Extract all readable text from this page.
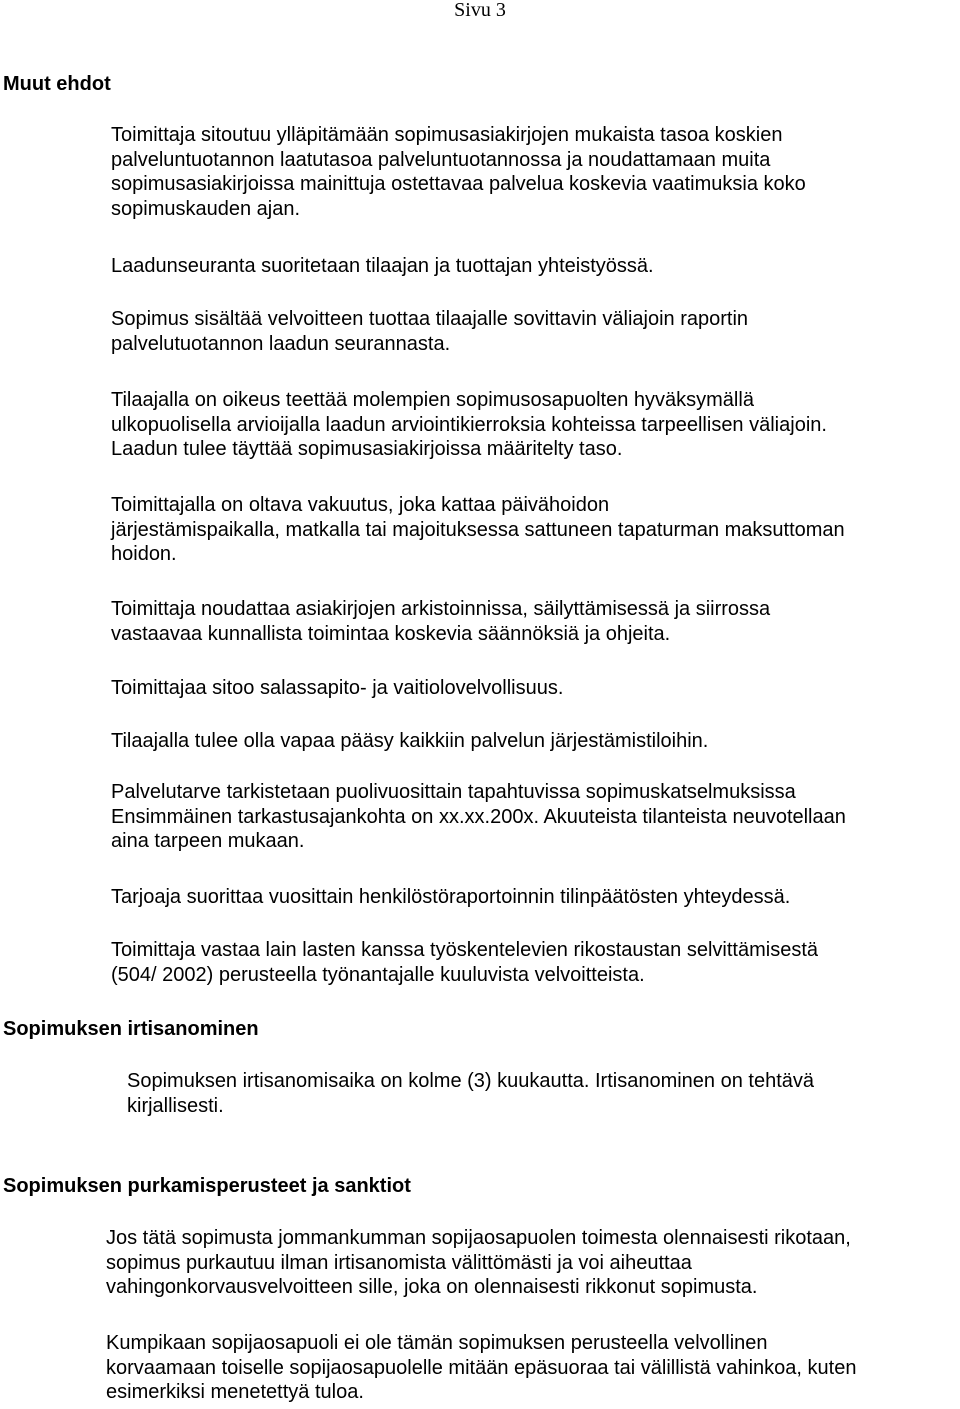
Sivu 3
Muut ehdot
Toimittaja sitoutuu ylläpitämään sopimusasiakirjojen mukaista tasoa koskien
palveluntuotannon laatutasoa palveluntuotannossa ja noudattamaan muita
sopimusasiakirjoissa mainittuja ostettavaa palvelua koskevia vaatimuksia koko
sopimuskauden ajan.
Laadunseuranta suoritetaan tilaajan ja tuottajan yhteistyössä.
Sopimus sisältää velvoitteen tuottaa tilaajalle sovittavin väliajoin raportin
palvelutuotannon laadun seurannasta.
Tilaajalla on oikeus teettää molempien sopimusosapuolten hyväksymällä
ulkopuolisella arvioijalla laadun arviointikierroksia kohteissa tarpeellisen väliajoin.
Laadun tulee täyttää sopimusasiakirjoissa määritelty taso.
Toimittajalla on oltava vakuutus, joka kattaa päivähoidon
järjestämispaikalla, matkalla tai majoituksessa sattuneen tapaturman maksuttoman
hoidon.
Toimittaja noudattaa asiakirjojen arkistoinnissa, säilyttämisessä ja siirrossa
vastaavaa kunnallista toimintaa koskevia säännöksiä ja ohjeita.
Toimittajaa sitoo salassapito- ja vaitiolovelvollisuus.
Tilaajalla tulee olla vapaa pääsy kaikkiin palvelun järjestämistiloihin.
Palvelutarve tarkistetaan puolivuosittain tapahtuvissa sopimuskatselmuksissa
Ensimmäinen tarkastusajankohta on xx.xx.200x. Akuuteista tilanteista neuvotellaan
aina tarpeen mukaan.
Tarjoaja suorittaa vuosittain henkilöstöraportoinnin tilinpäätösten yhteydessä.
Toimittaja vastaa lain lasten kanssa työskentelevien rikostaustan selvittämisestä
(504/ 2002) perusteella työnantajalle kuuluvista velvoitteista.
Sopimuksen irtisanominen
Sopimuksen irtisanomisaika on kolme (3) kuukautta. Irtisanominen on tehtävä
kirjallisesti.
Sopimuksen purkamisperusteet ja sanktiot
Jos tätä sopimusta jommankumman sopijaosapuolen toimesta olennaisesti rikotaan,
sopimus purkautuu ilman irtisanomista välittömästi ja voi aiheuttaa
vahingonkorvausvelvoitteen sille, joka on olennaisesti rikkonut sopimusta.
Kumpikaan sopijaosapuoli ei ole tämän sopimuksen perusteella velvollinen
korvaamaan toiselle sopijaosapuolelle mitään epäsuoraa tai välillistä vahinkoa, kuten
esimerkiksi menetettyä tuloa.
